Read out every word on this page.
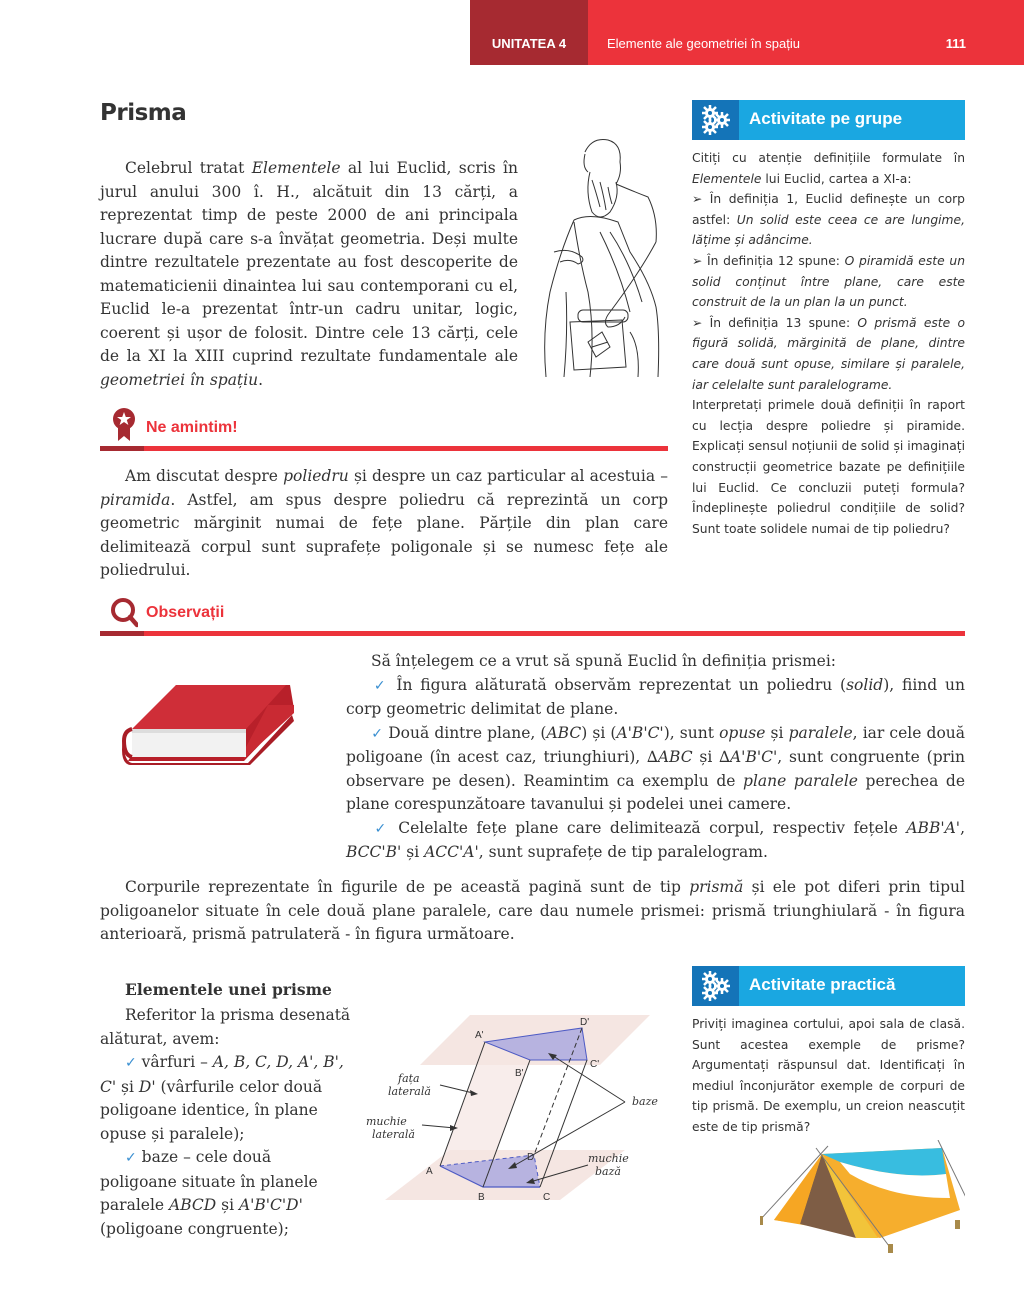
UNITATEA 4	Elemente ale geometriei în spațiu	111
Prisma

Celebrul tratat Elementele al lui Euclid, scris în jurul anului 300 î. H., alcătuit din 13 cărți, a reprezentat timp de peste 2000 de ani principala lucrare după care s-a învățat geometria. Deși multe dintre rezultatele prezentate au fost descoperite de matematicienii dinaintea lui sau contemporani cu el, Euclid le-a prezentat într-un cadru unitar, logic, coerent și ușor de folosit. Dintre cele 13 cărți, cele de la XI la XIII cuprind rezultate fundamentale ale geometriei în spațiu.

Ne amintim!

Am discutat despre poliedru și despre un caz particular al acestuia – piramida. Astfel, am spus despre poliedru că reprezintă un corp geometric mărginit numai de fețe plane. Părțile din plan care delimitează corpul sunt suprafețe poligonale și se numesc fețe ale poliedrului.

Observații
Să înțelegem ce a vrut să spună Euclid în definiția prismei:
✓ În figura alăturată observăm reprezentat un poliedru (solid), fiind un corp geometric delimitat de plane.
✓ Două dintre plane, (ABC) și (A'B'C'), sunt opuse și paralele, iar cele două poligoane (în acest caz, triunghiuri), ∆ABC și ∆A'B'C', sunt congruente (prin observare pe desen). Reamintim ca exemplu de plane paralele perechea de plane corespunzătoare tavanului și podelei unei camere.
✓ Celelalte fețe plane care delimitează corpul, respectiv fețele ABB'A', BCC'B' și ACC'A', sunt suprafețe de tip paralelogram.

Corpurile reprezentate în figurile de pe această pagină sunt de tip prismă și ele pot diferi prin tipul poligoanelor situate în cele două plane paralele, care dau numele prismei: prismă triunghiulară - în figura anterioară, prismă patrulateră - în figura următoare.

Elementele unei prisme
Referitor la prisma desenată alăturat, avem:
✓ vârfuri – A, B, C, D, A', B', C' și D' (vârfurile celor două poligoane identice, în plane opuse și paralele);
✓ baze – cele două poligoane situate în planele paralele ABCD și A'B'C'D' (poligoane congruente);
A'
B'
C'
D'
A
B	C
D
fața
laterală
muchie
laterală
baze
muchie
bază
Activitate pe grupe
Citiți cu atenție definițiile formulate în Elementele lui Euclid, cartea a XI-a:
➢ În definiția 1, Euclid definește un corp astfel: Un solid este ceea ce are lungime, lățime și adâncime.
➢ În definiția 12 spune: O piramidă este un solid conținut între plane, care este construit de la un plan la un punct.
➢ În definiția 13 spune: O prismă este o figură solidă, mărginită de plane, dintre care două sunt opuse, similare și paralele, iar celelalte sunt paralelograme.
Interpretați primele două definiții în raport cu lecția despre poliedre și piramide. Explicați sensul noțiunii de solid și imaginați construcții geometrice bazate pe definițiile lui Euclid. Ce concluzii puteți formula? Îndeplinește poliedrul condițiile de solid? Sunt toate solidele numai de tip poliedru?
Activitate practică
Priviți imaginea cortului, apoi sala de clasă. Sunt acestea exemple de prisme? Argumentați răspunsul dat. Identificați în mediul înconjurător exemple de corpuri de tip prismă. De exemplu, un creion neascuțit este de tip prismă?
